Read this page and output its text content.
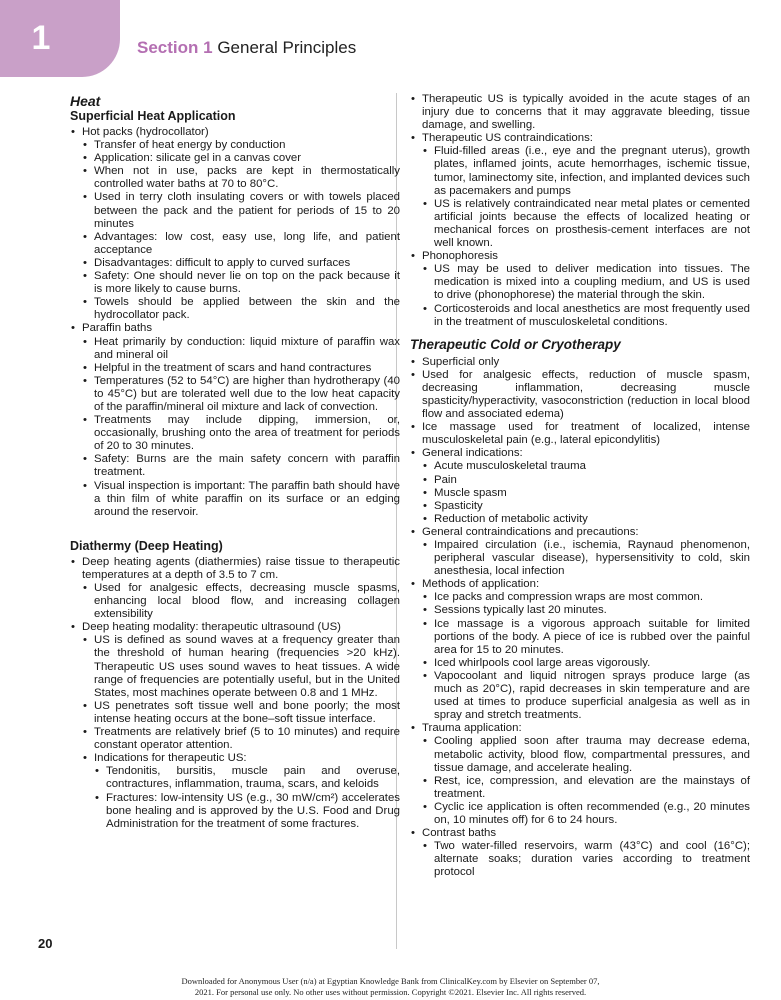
1	Section 1 General Principles
Heat
Superficial Heat Application
• Hot packs (hydrocollator)
• Transfer of heat energy by conduction
• Application: silicate gel in a canvas cover
• When not in use, packs are kept in thermostatically controlled water baths at 70 to 80°C.
• Used in terry cloth insulating covers or with towels placed between the pack and the patient for periods of 15 to 20 minutes
• Advantages: low cost, easy use, long life, and patient acceptance
• Disadvantages: difficult to apply to curved surfaces
• Safety: One should never lie on top on the pack because it is more likely to cause burns.
• Towels should be applied between the skin and the hydrocollator pack.
• Paraffin baths
• Heat primarily by conduction: liquid mixture of paraffin wax and mineral oil
• Helpful in the treatment of scars and hand contractures
• Temperatures (52 to 54°C) are higher than hydrotherapy (40 to 45°C) but are tolerated well due to the low heat capacity of the paraffin/mineral oil mixture and lack of convection.
• Treatments may include dipping, immersion, or, occasionally, brushing onto the area of treatment for periods of 20 to 30 minutes.
• Safety: Burns are the main safety concern with paraffin treatment.
• Visual inspection is important: The paraffin bath should have a thin film of white paraffin on its surface or an edging around the reservoir.
Diathermy (Deep Heating)
• Deep heating agents (diathermies) raise tissue to therapeutic temperatures at a depth of 3.5 to 7 cm.
• Used for analgesic effects, decreasing muscle spasms, enhancing local blood flow, and increasing collagen extensibility
• Deep heating modality: therapeutic ultrasound (US)
• US is defined as sound waves at a frequency greater than the threshold of human hearing (frequencies >20 kHz). Therapeutic US uses sound waves to heat tissues. A wide range of frequencies are potentially useful, but in the United States, most machines operate between 0.8 and 1 MHz.
• US penetrates soft tissue well and bone poorly; the most intense heating occurs at the bone–soft tissue interface.
• Treatments are relatively brief (5 to 10 minutes) and require constant operator attention.
• Indications for therapeutic US:
• Tendonitis, bursitis, muscle pain and overuse, contractures, inflammation, trauma, scars, and keloids
• Fractures: low-intensity US (e.g., 30 mW/cm²) accelerates bone healing and is approved by the U.S. Food and Drug Administration for the treatment of some fractures.
• Therapeutic US is typically avoided in the acute stages of an injury due to concerns that it may aggravate bleeding, tissue damage, and swelling.
• Therapeutic US contraindications:
• Fluid-filled areas (i.e., eye and the pregnant uterus), growth plates, inflamed joints, acute hemorrhages, ischemic tissue, tumor, laminectomy site, infection, and implanted devices such as pacemakers and pumps
• US is relatively contraindicated near metal plates or cemented artificial joints because the effects of localized heating or mechanical forces on prosthesis-cement interfaces are not well known.
• Phonophoresis
• US may be used to deliver medication into tissues. The medication is mixed into a coupling medium, and US is used to drive (phonophorese) the material through the skin.
• Corticosteroids and local anesthetics are most frequently used in the treatment of musculoskeletal conditions.
Therapeutic Cold or Cryotherapy
• Superficial only
• Used for analgesic effects, reduction of muscle spasm, decreasing inflammation, decreasing muscle spasticity/hyperactivity, vasoconstriction (reduction in local blood flow and associated edema)
• Ice massage used for treatment of localized, intense musculoskeletal pain (e.g., lateral epicondylitis)
• General indications:
• Acute musculoskeletal trauma
• Pain
• Muscle spasm
• Spasticity
• Reduction of metabolic activity
• General contraindications and precautions:
• Impaired circulation (i.e., ischemia, Raynaud phenomenon, peripheral vascular disease), hypersensitivity to cold, skin anesthesia, local infection
• Methods of application:
• Ice packs and compression wraps are most common.
• Sessions typically last 20 minutes.
• Ice massage is a vigorous approach suitable for limited portions of the body. A piece of ice is rubbed over the painful area for 15 to 20 minutes.
• Iced whirlpools cool large areas vigorously.
• Vapocoolant and liquid nitrogen sprays produce large (as much as 20°C), rapid decreases in skin temperature and are used at times to produce superficial analgesia as well as in spray and stretch treatments.
• Trauma application:
• Cooling applied soon after trauma may decrease edema, metabolic activity, blood flow, compartmental pressures, and tissue damage, and accelerate healing.
• Rest, ice, compression, and elevation are the mainstays of treatment.
• Cyclic ice application is often recommended (e.g., 20 minutes on, 10 minutes off) for 6 to 24 hours.
• Contrast baths
• Two water-filled reservoirs, warm (43°C) and cool (16°C); alternate soaks; duration varies according to treatment protocol
20
Downloaded for Anonymous User (n/a) at Egyptian Knowledge Bank from ClinicalKey.com by Elsevier on September 07,
2021. For personal use only. No other uses without permission. Copyright ©2021. Elsevier Inc. All rights reserved.
